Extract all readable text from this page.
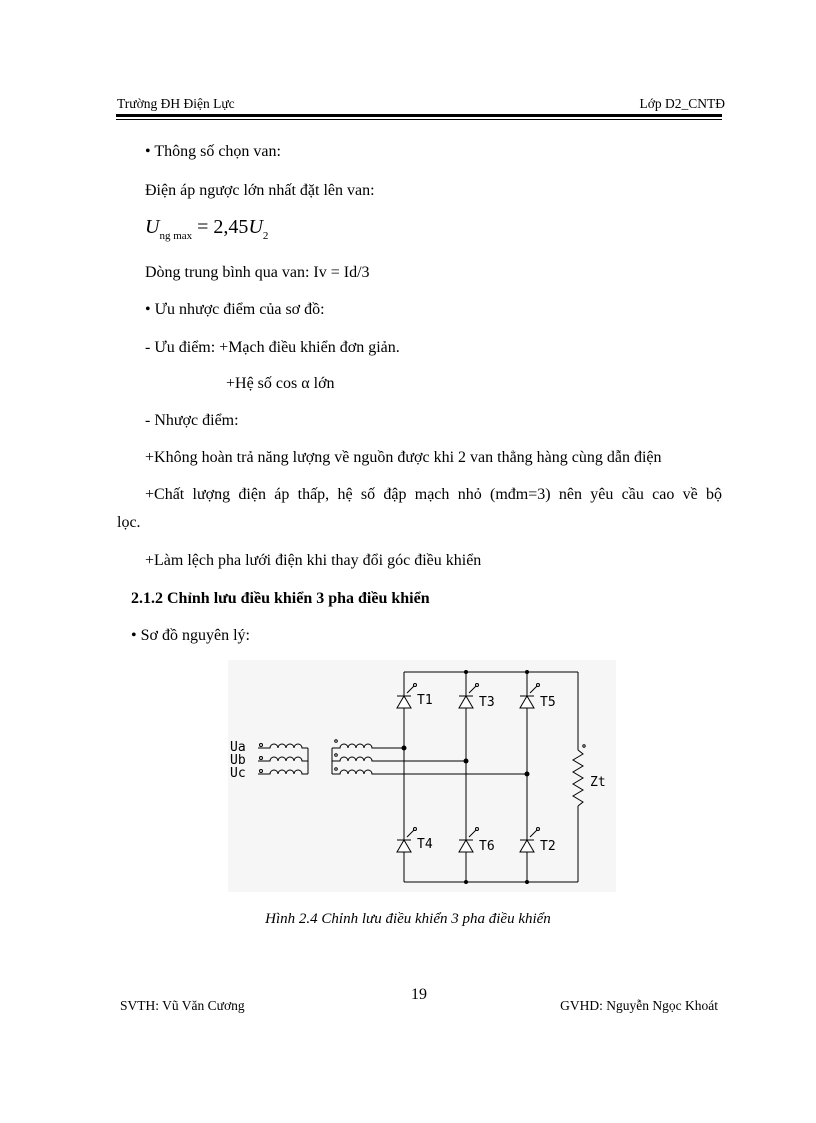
Trường ĐH Điện Lực	Lớp D2_CNTĐ
• Thông số chọn van:
Điện áp ngược lớn nhất đặt lên van:
$U_{ng max} = 2,45U_2$
Dòng trung bình qua van: Iv = Id/3
• Ưu nhược điểm của sơ đồ:
- Ưu điểm: +Mạch điều khiển đơn giản.
+Hệ số cos α lớn
- Nhược điểm:
+Không hoàn trả năng lượng về nguồn được khi 2 van thẳng hàng cùng dẫn điện
+Chất lượng điện áp thấp, hệ số đập mạch nhỏ (mđm=3) nên yêu cầu cao về bộ
lọc.
+Làm lệch pha lưới điện khi thay đổi góc điều khiển
2.1.2 Chỉnh lưu điều khiển 3 pha điều khiển
• Sơ đồ nguyên lý:
T1	T3	T5
T4	T6	T2
Zt
Ua
Ub
Uc
Hình 2.4 Chỉnh lưu điều khiển 3 pha điều khiển
SVTH: Vũ Văn Cương
19
GVHD: Nguyễn Ngọc Khoát
